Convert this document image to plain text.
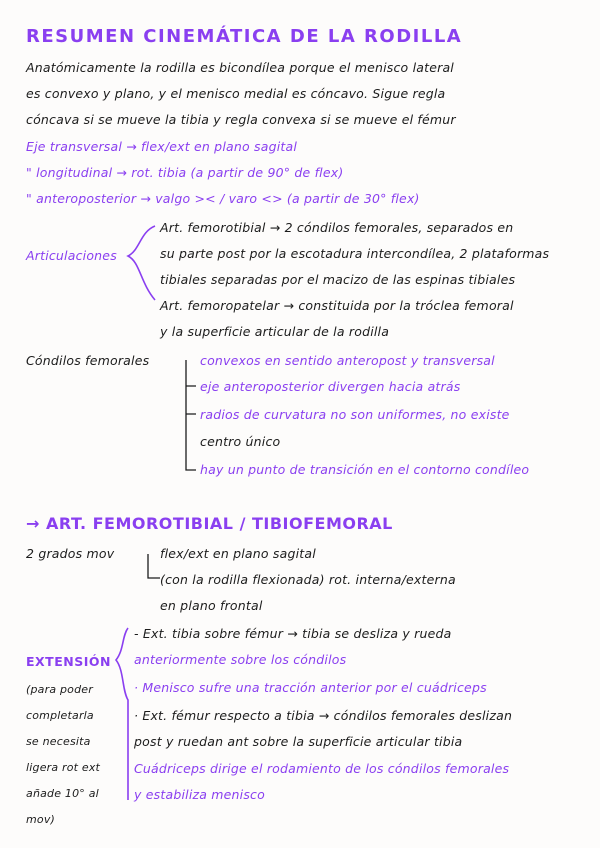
RESUMEN CINEMÁTICA DE LA RODILLA
Anatómicamente la rodilla es bicondílea porque el menisco lateral
es convexo y plano, y el menisco medial es cóncavo. Sigue regla
cóncava si se mueve la tibia y regla convexa si se mueve el fémur
Eje transversal → flex/ext en plano sagital
" longitudinal → rot. tibia (a partir de 90° de flex)
" anteroposterior → valgo >< / varo <> (a partir de 30° flex)
Articulaciones
Art. femorotibial → 2 cóndilos femorales, separados en
su parte post por la escotadura intercondílea, 2 plataformas
tibiales separadas por el macizo de las espinas tibiales
Art. femoropatelar → constituida por la tróclea femoral
y la superficie articular de la rodilla
Cóndilos femorales	convexos en sentido anteropost y transversal
eje anteroposterior divergen hacia atrás
radios de curvatura no son uniformes, no existe
centro único
hay un punto de transición en el contorno condíleo
→ ART. FEMOROTIBIAL / TIBIOFEMORAL
2 grados mov	flex/ext en plano sagital
(con la rodilla flexionada) rot. interna/externa
en plano frontal
EXTENSIÓN
(para poder
completarla
se necesita
ligera rot ext
añade 10° al
mov)
- Ext. tibia sobre fémur → tibia se desliza y rueda
anteriormente sobre los cóndilos
· Menisco sufre una tracción anterior por el cuádriceps
· Ext. fémur respecto a tibia → cóndilos femorales deslizan
post y ruedan ant sobre la superficie articular tibia
Cuádriceps dirige el rodamiento de los cóndilos femorales
y estabiliza menisco
